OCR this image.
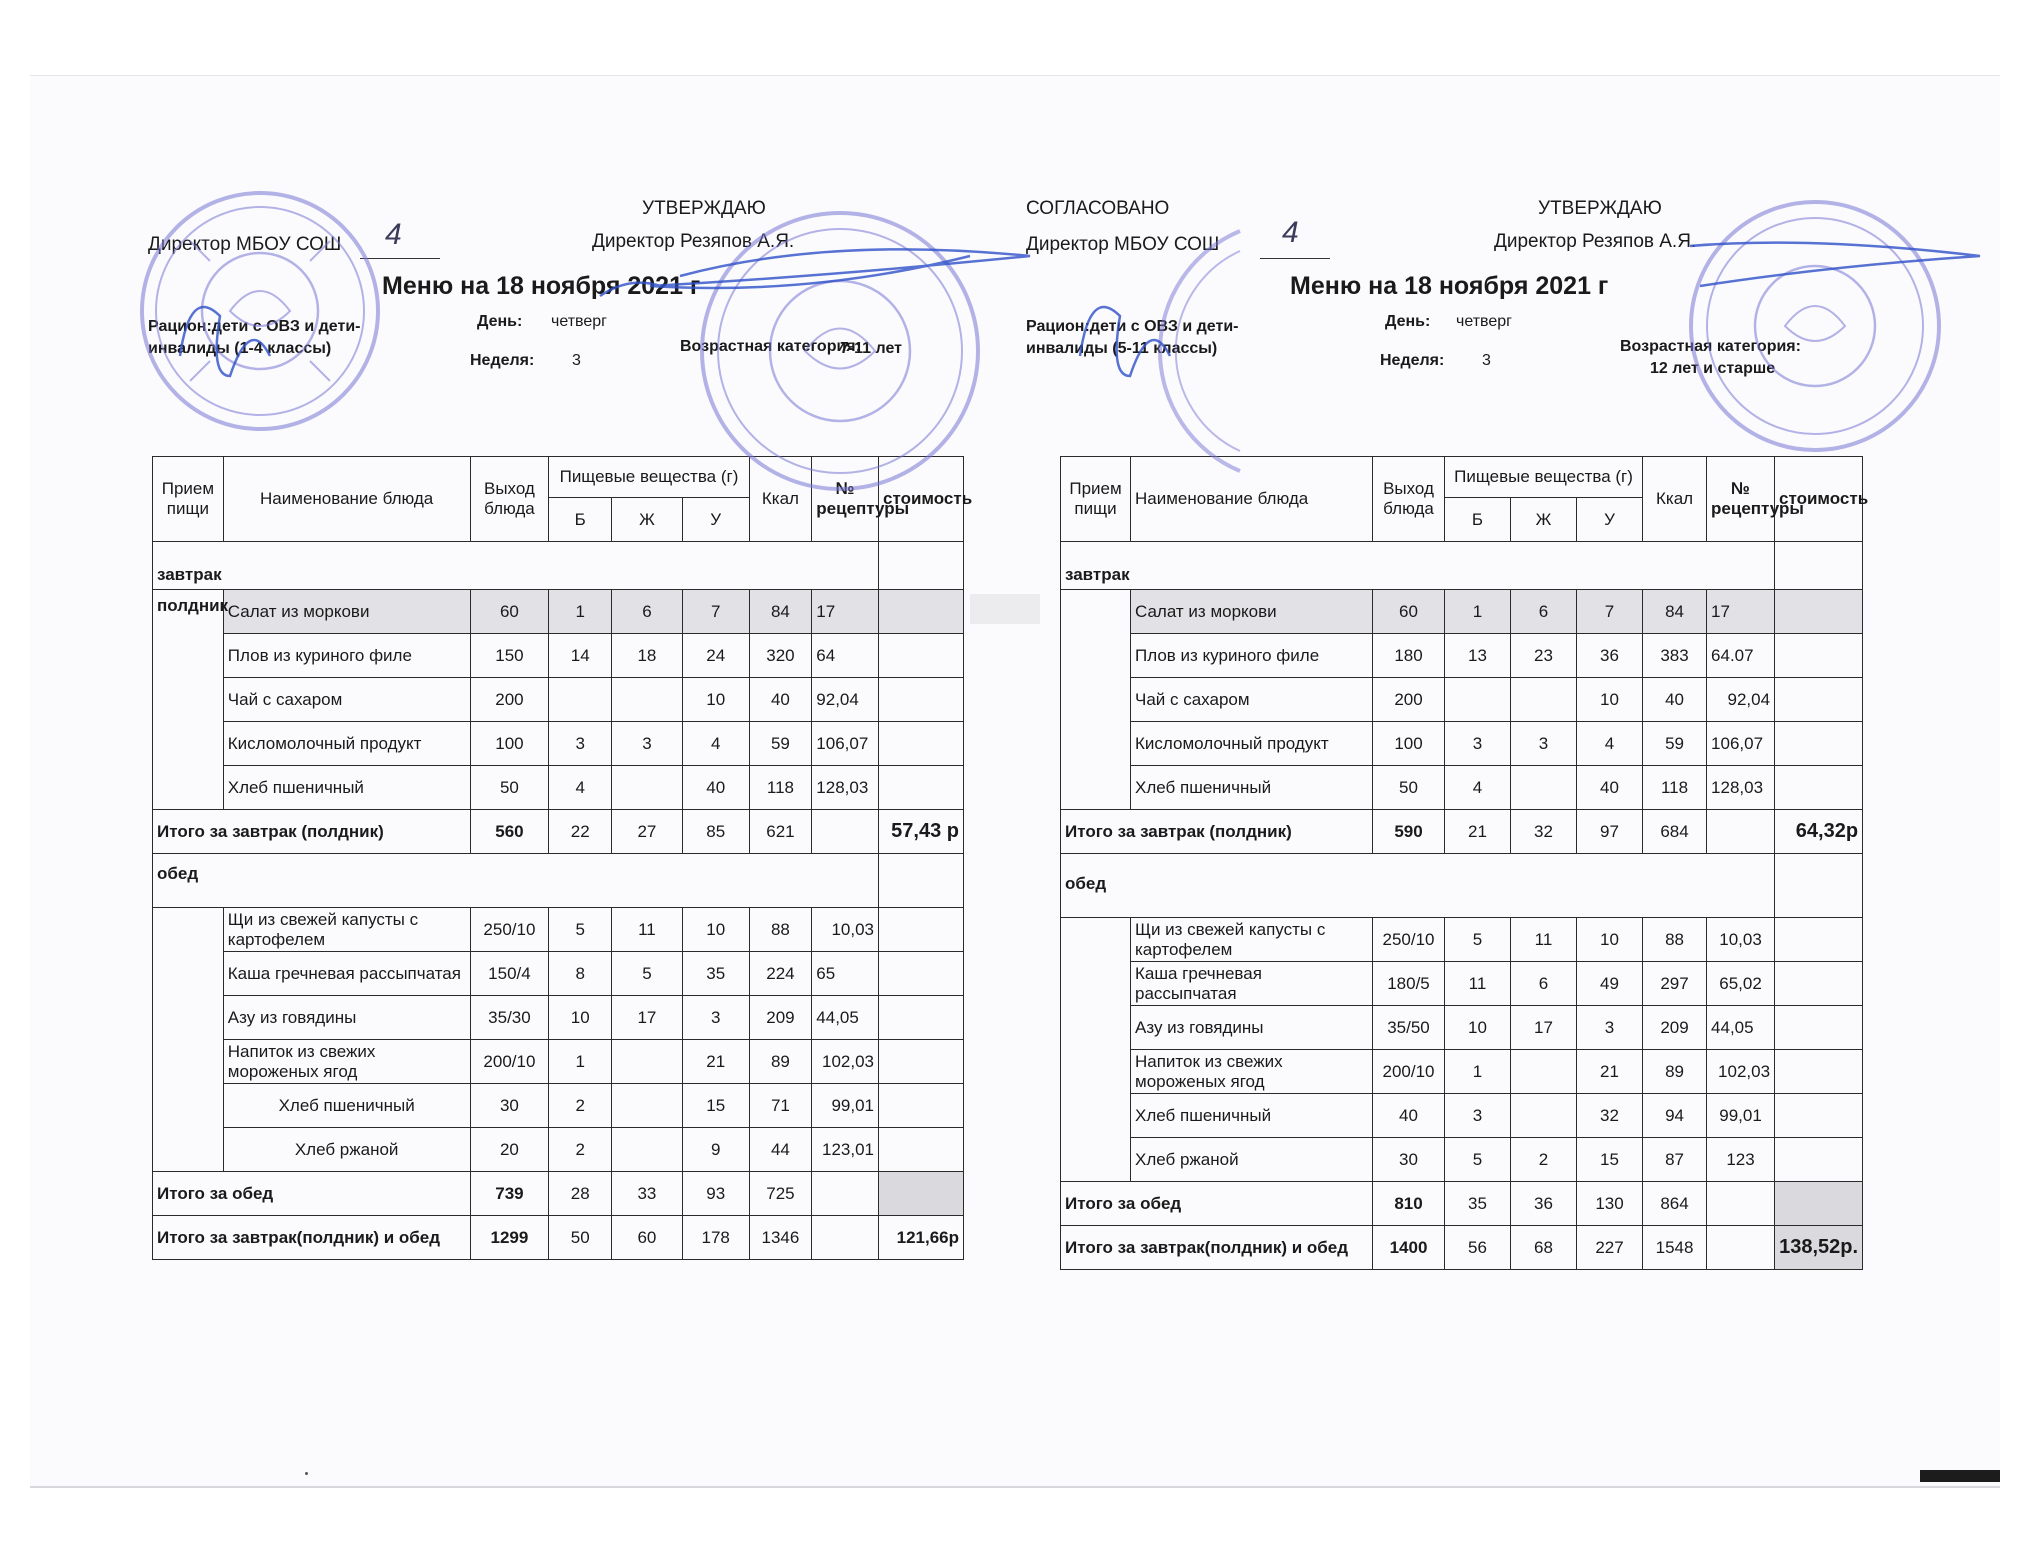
УТВЕРЖДАЮ
Директор МБОУ СОШ 4	Директор Резяпов А.Я.
Меню на 18 ноября 2021 г
Рацион:дети с ОВЗ и дети-инвалиды (1-4 классы)
День: четверг
Неделя: 3
Возрастная категория:
7-11 лет
Прием пищи	Наименование блюда	Выход блюда	Пищевые вещества (г)			Ккал	№ рецептуры	стоимость
			Б	Ж	У			
завтрак								
полдник	Салат из моркови	60	1	6	7	84	17	
	Плов из куриного филе	150	14	18	24	320	64	
	Чай с сахаром	200			10	40	92,04	
	Кисломолочный продукт	100	3	3	4	59	106,07	
	Хлеб пшеничный	50	4		40	118	128,03	
Итого за завтрак (полдник)		560	22	27	85	621		57,43 р
обед								
	Щи из свежей капусты с картофелем	250/10	5	11	10	88	10,03	
	Каша гречневая рассыпчатая	150/4	8	5	35	224	65	
	Азу из говядины	35/30	10	17	3	209	44,05	
	Напиток из свежих мороженых ягод	200/10	1		21	89	102,03	
	Хлеб пшеничный	30	2		15	71	99,01	
	Хлеб ржаной	20	2		9	44	123,01	
Итого за обед		739	28	33	93	725		
Итого за завтрак(полдник) и обед		1299	50	60	178	1346		121,66р
СОГЛАСОВАНО	УТВЕРЖДАЮ
Директор МБОУ СОШ 4	Директор Резяпов А.Я.
Меню на 18 ноября 2021 г
Рацион:дети с ОВЗ и дети-инвалиды (5-11 классы)
День: четверг
Неделя: 3
Возрастная категория:
12 лет и старше
Прием пищи	Наименование блюда	Выход блюда	Пищевые вещества (г)			Ккал	№ рецептуры	стоимость
			Б	Ж	У			
завтрак								
	Салат из моркови	60	1	6	7	84	17	
	Плов из куриного филе	180	13	23	36	383	64.07	
	Чай с сахаром	200			10	40	92,04	
	Кисломолочный продукт	100	3	3	4	59	106,07	
	Хлеб пшеничный	50	4		40	118	128,03	
Итого за завтрак (полдник)		590	21	32	97	684		64,32р
обед								
	Щи из свежей капусты с картофелем	250/10	5	11	10	88	10,03	
	Каша гречневая рассыпчатая	180/5	11	6	49	297	65,02	
	Азу из говядины	35/50	10	17	3	209	44,05	
	Напиток из свежих мороженых ягод	200/10	1		21	89	102,03	
	Хлеб пшеничный	40	3		32	94	99,01	
	Хлеб ржаной	30	5	2	15	87	123	
Итого за обед		810	35	36	130	864		
Итого за завтрак(полдник) и обед		1400	56	68	227	1548		138,52р.
